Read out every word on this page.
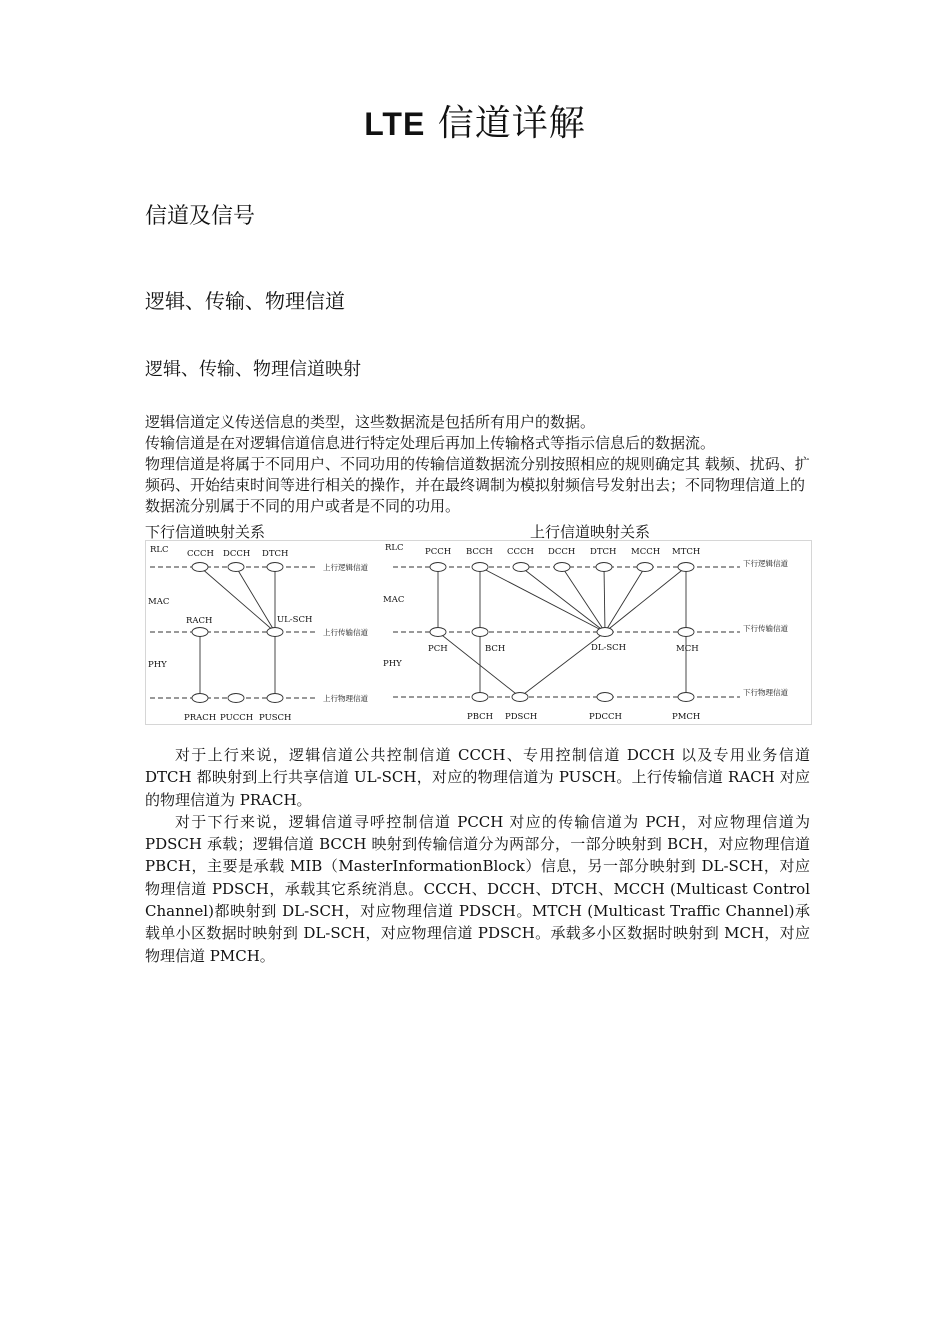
LTE 信道详解
信道及信号
逻辑、传输、物理信道
逻辑、传输、物理信道映射

逻辑信道定义传送信息的类型，这些数据流是包括所有用户的数据。

传输信道是在对逻辑信道信息进行特定处理后再加上传输格式等指示信息后的数据流。

物理信道是将属于不同用户、不同功用的传输信道数据流分别按照相应的规则确定其 载频、扰码、扩频码、开始结束时间等进行相关的操作，并在最终调制为模拟射频信号发射出去；不同物理信道上的数据流分别属于不同的用户或者是不同的功用。

下行信道映射关系	上行信道映射关系
RLC
MAC
PHY
上行逻辑信道
上行传输信道
上行物理信道
CCCH DCCH DTCH
RACH	UL-SCH
PRACH PUCCH PUSCH
RLC
MAC
PHY
下行逻辑信道
下行传输信道
下行物理信道
PCCH BCCH CCCH DCCH DTCH MCCH MTCH
PCH	BCH	DL-SCH	MCH
PBCH PDSCH	PDCCH	PMCH

对于上行来说，逻辑信道公共控制信道 CCCH、专用控制信道 DCCH 以及专用业务信道 DTCH 都映射到上行共享信道 UL-SCH，对应的物理信道为 PUSCH。上行传输信道 RACH 对应的物理信道为 PRACH。

对于下行来说，逻辑信道寻呼控制信道 PCCH 对应的传输信道为 PCH，对应物理信道为 PDSCH 承载；逻辑信道 BCCH 映射到传输信道分为两部分，一部分映射到 BCH，对应物理信道 PBCH，主要是承载 MIB（MasterInformationBlock）信息，另一部分映射到 DL-SCH，对应物理信道 PDSCH，承载其它系统消息。CCCH、DCCH、DTCH、MCCH (Multicast Control Channel)都映射到 DL-SCH，对应物理信道 PDSCH。MTCH (Multicast Traffic Channel)承载单小区数据时映射到 DL-SCH，对应物理信道 PDSCH。承载多小区数据时映射到 MCH，对应物理信道 PMCH。
